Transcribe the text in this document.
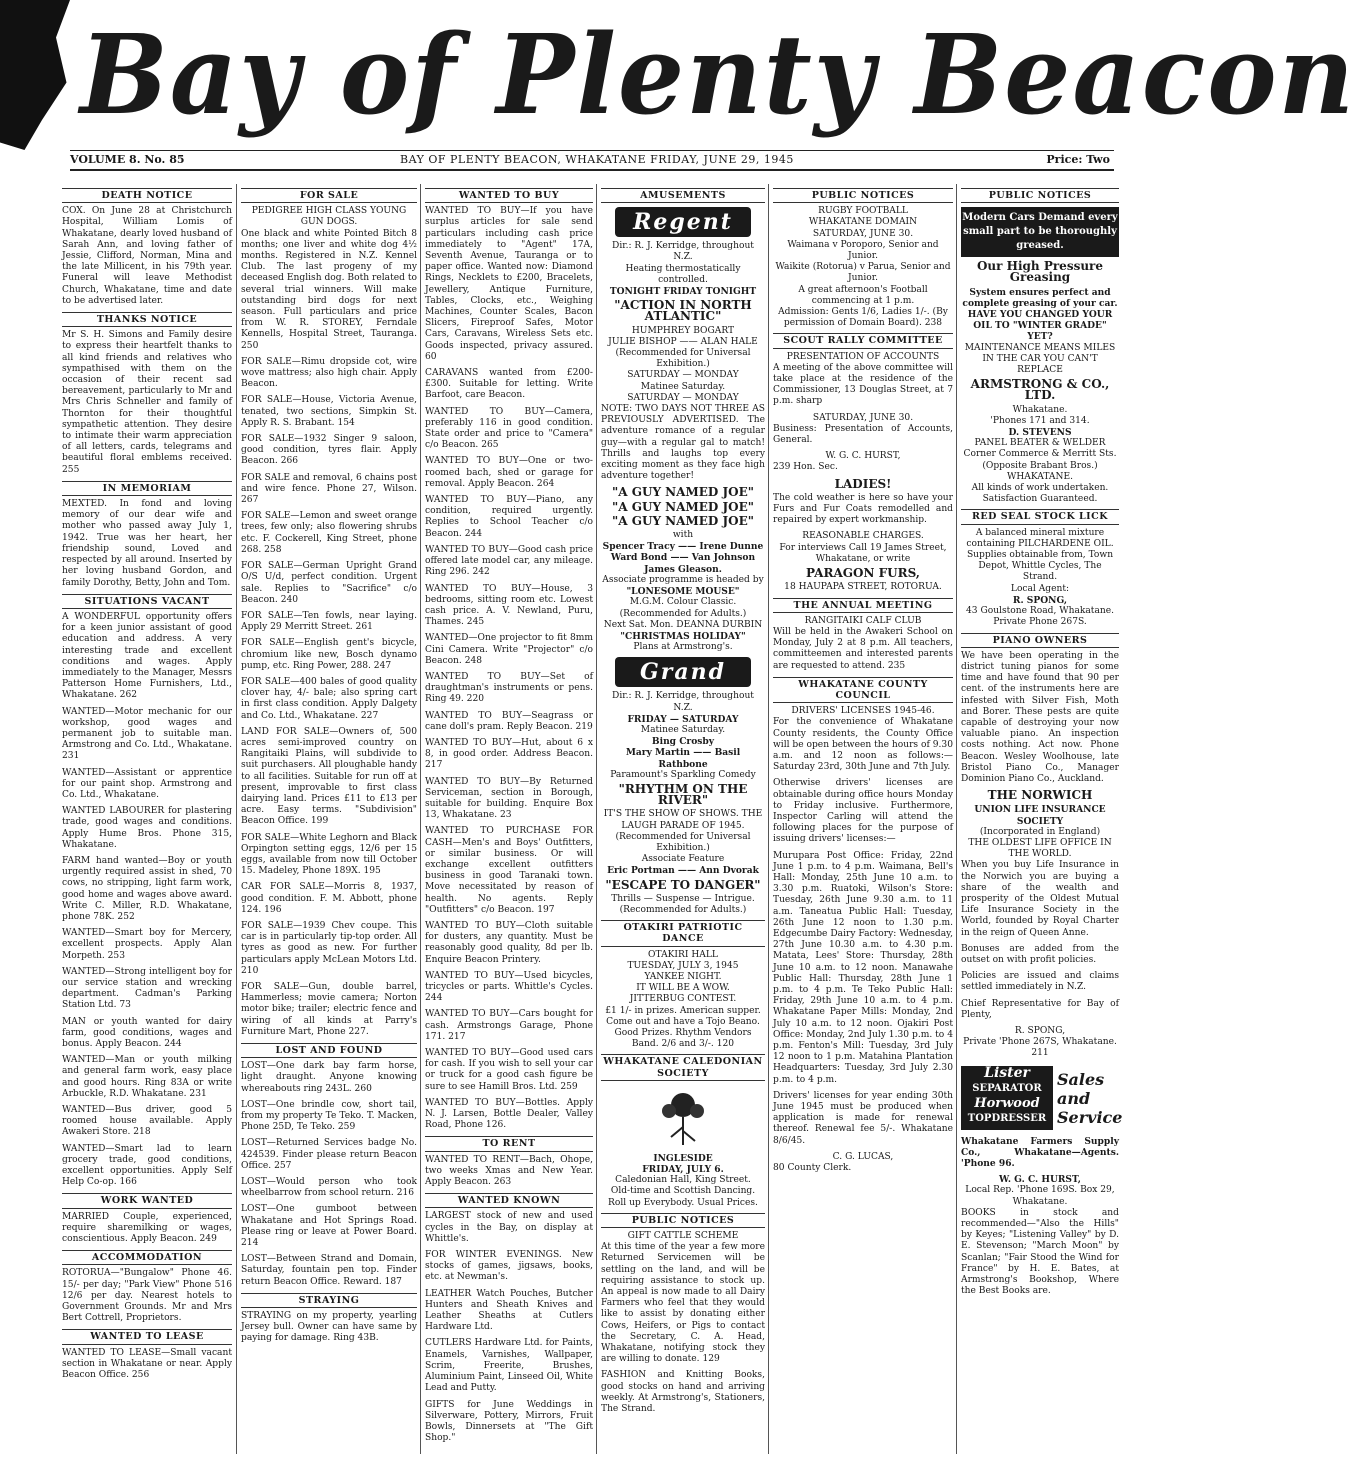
Bay of Plenty Beacon
VOLUME 8. No. 85	BAY OF PLENTY BEACON, WHAKATANE FRIDAY, JUNE 29, 1945	Price: Two
DEATH NOTICE

COX. On June 28 at Christchurch Hospital, William Lomis of Whakatane, dearly loved husband of Sarah Ann, and loving father of Jessie, Clifford, Norman, Mina and the late Millicent, in his 79th year. Funeral will leave Methodist Church, Whakatane, time and date to be advertised later.

THANKS NOTICE

Mr S. H. Simons and Family desire to express their heartfelt thanks to all kind friends and relatives who sympathised with them on the occasion of their recent sad bereavement, particularly to Mr and Mrs Chris Schneller and family of Thornton for their thoughtful sympathetic attention. They desire to intimate their warm appreciation of all letters, cards, telegrams and beautiful floral emblems received. 255

IN MEMORIAM

MEXTED. In fond and loving memory of our dear wife and mother who passed away July 1, 1942. True was her heart, her friendship sound, Loved and respected by all around. Inserted by her loving husband Gordon, and family Dorothy, Betty, John and Tom.

SITUATIONS VACANT

A WONDERFUL opportunity offers for a keen junior assistant of good education and address. A very interesting trade and excellent conditions and wages. Apply immediately to the Manager, Messrs Patterson Home Furnishers, Ltd., Whakatane. 262

WANTED—Motor mechanic for our workshop, good wages and permanent job to suitable man. Armstrong and Co. Ltd., Whakatane. 231

WANTED—Assistant or apprentice for our paint shop. Armstrong and Co. Ltd., Whakatane.

WANTED LABOURER for plastering trade, good wages and conditions. Apply Hume Bros. Phone 315, Whakatane.

FARM hand wanted—Boy or youth urgently required assist in shed, 70 cows, no stripping, light farm work, good home and wages above award. Write C. Miller, R.D. Whakatane, phone 78K. 252

WANTED—Smart boy for Mercery, excellent prospects. Apply Alan Morpeth. 253

WANTED—Strong intelligent boy for our service station and wrecking department. Cadman's Parking Station Ltd. 73

MAN or youth wanted for dairy farm, good conditions, wages and bonus. Apply Beacon. 244

WANTED—Man or youth milking and general farm work, easy place and good hours. Ring 83A or write Arbuckle, R.D. Whakatane. 231

WANTED—Bus driver, good 5 roomed house available. Apply Awakeri Store. 218

WANTED—Smart lad to learn grocery trade, good conditions, excellent opportunities. Apply Self Help Co-op. 166

WORK WANTED

MARRIED Couple, experienced, require sharemilking or wages, conscientious. Apply Beacon. 249

ACCOMMODATION

ROTORUA—"Bungalow" Phone 46. 15/- per day; "Park View" Phone 516 12/6 per day. Nearest hotels to Government Grounds. Mr and Mrs Bert Cottrell, Proprietors.

WANTED TO LEASE

WANTED TO LEASE—Small vacant section in Whakatane or near. Apply Beacon Office. 256

FOR SALE

PEDIGREE HIGH CLASS YOUNG GUN DOGS.

One black and white Pointed Bitch 8 months; one liver and white dog 4½ months. Registered in N.Z. Kennel Club. The last progeny of my deceased English dog. Both related to several trial winners. Will make outstanding bird dogs for next season. Full particulars and price from W. R. STOREY, Ferndale Kennells, Hospital Street, Tauranga. 250

FOR SALE—Rimu dropside cot, wire wove mattress; also high chair. Apply Beacon.

FOR SALE—House, Victoria Avenue, tenated, two sections, Simpkin St. Apply R. S. Brabant. 154

FOR SALE—1932 Singer 9 saloon, good condition, tyres flair. Apply Beacon. 266

FOR SALE and removal, 6 chains post and wire fence. Phone 27, Wilson. 267

FOR SALE—Lemon and sweet orange trees, few only; also flowering shrubs etc. F. Cockerell, King Street, phone 268. 258

FOR SALE—German Upright Grand O/S U/d, perfect condition. Urgent sale. Replies to "Sacrifice" c/o Beacon. 240

FOR SALE—Ten fowls, near laying. Apply 29 Merritt Street. 261

FOR SALE—English gent's bicycle, chromium like new, Bosch dynamo pump, etc. Ring Power, 288. 247

FOR SALE—400 bales of good quality clover hay, 4/- bale; also spring cart in first class condition. Apply Dalgety and Co. Ltd., Whakatane. 227

LAND FOR SALE—Owners of, 500 acres semi-improved country on Rangitaiki Plains, will subdivide to suit purchasers. All ploughable handy to all facilities. Suitable for run off at present, improvable to first class dairying land. Prices £11 to £13 per acre. Easy terms. "Subdivision" Beacon Office. 199

FOR SALE—White Leghorn and Black Orpington setting eggs, 12/6 per 15 eggs, available from now till October 15. Madeley, Phone 189X. 195

CAR FOR SALE—Morris 8, 1937, good condition. F. M. Abbott, phone 124. 196

FOR SALE—1939 Chev coupe. This car is in particularly tip-top order. All tyres as good as new. For further particulars apply McLean Motors Ltd. 210

FOR SALE—Gun, double barrel, Hammerless; movie camera; Norton motor bike; trailer; electric fence and wiring of all kinds at Parry's Furniture Mart, Phone 227.

LOST AND FOUND

LOST—One dark bay farm horse, light draught. Anyone knowing whereabouts ring 243L. 260

LOST—One brindle cow, short tail, from my property Te Teko. T. Macken, Phone 25D, Te Teko. 259

LOST—Returned Services badge No. 424539. Finder please return Beacon Office. 257

LOST—Would person who took wheelbarrow from school return. 216

LOST—One gumboot between Whakatane and Hot Springs Road. Please ring or leave at Power Board. 214

LOST—Between Strand and Domain, Saturday, fountain pen top. Finder return Beacon Office. Reward. 187

STRAYING

STRAYING on my property, yearling Jersey bull. Owner can have same by paying for damage. Ring 43B.

WANTED TO BUY

WANTED TO BUY—If you have surplus articles for sale send particulars including cash price immediately to "Agent" 17A, Seventh Avenue, Tauranga or to paper office. Wanted now: Diamond Rings, Necklets to £200, Bracelets, Jewellery, Antique Furniture, Tables, Clocks, etc., Weighing Machines, Counter Scales, Bacon Slicers, Fireproof Safes, Motor Cars, Caravans, Wireless Sets etc. Goods inspected, privacy assured. 60

CARAVANS wanted from £200-£300. Suitable for letting. Write Barfoot, care Beacon.

WANTED TO BUY—Camera, preferably 116 in good condition. State order and price to "Camera" c/o Beacon. 265

WANTED TO BUY—One or two-roomed bach, shed or garage for removal. Apply Beacon. 264

WANTED TO BUY—Piano, any condition, required urgently. Replies to School Teacher c/o Beacon. 244

WANTED TO BUY—Good cash price offered late model car, any mileage. Ring 296. 242

WANTED TO BUY—House, 3 bedrooms, sitting room etc. Lowest cash price. A. V. Newland, Puru, Thames. 245

WANTED—One projector to fit 8mm Cini Camera. Write "Projector" c/o Beacon. 248

WANTED TO BUY—Set of draughtman's instruments or pens. Ring 49. 220

WANTED TO BUY—Seagrass or cane doll's pram. Reply Beacon. 219

WANTED TO BUY—Hut, about 6 x 8, in good order. Address Beacon. 217

WANTED TO BUY—By Returned Serviceman, section in Borough, suitable for building. Enquire Box 13, Whakatane. 23

WANTED TO PURCHASE FOR CASH—Men's and Boys' Outfitters, or similar business. Or will exchange excellent outfitters business in good Taranaki town. Move necessitated by reason of health. No agents. Reply "Outfitters" c/o Beacon. 197

WANTED TO BUY—Cloth suitable for dusters, any quantity. Must be reasonably good quality, 8d per lb. Enquire Beacon Printery.

WANTED TO BUY—Used bicycles, tricycles or parts. Whittle's Cycles. 244

WANTED TO BUY—Cars bought for cash. Armstrongs Garage, Phone 171. 217

WANTED TO BUY—Good used cars for cash. If you wish to sell your car or truck for a good cash figure be sure to see Hamill Bros. Ltd. 259

WANTED TO BUY—Bottles. Apply N. J. Larsen, Bottle Dealer, Valley Road, Phone 126.

TO RENT

WANTED TO RENT—Bach, Ohope, two weeks Xmas and New Year. Apply Beacon. 263

WANTED KNOWN

LARGEST stock of new and used cycles in the Bay, on display at Whittle's.

FOR WINTER EVENINGS. New stocks of games, jigsaws, books, etc. at Newman's.

LEATHER Watch Pouches, Butcher Hunters and Sheath Knives and Leather Sheaths at Cutlers Hardware Ltd.

CUTLERS Hardware Ltd. for Paints, Enamels, Varnishes, Wallpaper, Scrim, Freerite, Brushes, Aluminium Paint, Linseed Oil, White Lead and Putty.

GIFTS for June Weddings in Silverware, Pottery, Mirrors, Fruit Bowls, Dinnersets at "The Gift Shop."

AMUSEMENTS
Regent

Dir.: R. J. Kerridge, throughout N.Z.

Heating thermostatically controlled.

TONIGHT FRIDAY TONIGHT

"ACTION IN NORTH ATLANTIC"

HUMPHREY BOGART

JULIE BISHOP —— ALAN HALE

(Recommended for Universal Exhibition.)

SATURDAY — MONDAY

Matinee Saturday.

SATURDAY — MONDAY

NOTE: TWO DAYS NOT THREE AS PREVIOUSLY ADVERTISED. The adventure romance of a regular guy—with a regular gal to match! Thrills and laughs top every exciting moment as they face high adventure together!

"A GUY NAMED JOE"

"A GUY NAMED JOE"

"A GUY NAMED JOE"

with

Spencer Tracy —— Irene Dunne

Ward Bond —— Van Johnson

James Gleason.

Associate programme is headed by

"LONESOME MOUSE"

M.G.M. Colour Classic.

(Recommended for Adults.)

Next Sat. Mon. DEANNA DURBIN

"CHRISTMAS HOLIDAY"

Plans at Armstrong's.

Grand

Dir.: R. J. Kerridge, throughout N.Z.

FRIDAY — SATURDAY

Matinee Saturday.

Bing Crosby

Mary Martin —— Basil Rathbone

Paramount's Sparkling Comedy

"RHYTHM ON THE RIVER"

IT'S THE SHOW OF SHOWS. THE LAUGH PARADE OF 1945.

(Recommended for Universal Exhibition.)

Associate Feature

Eric Portman —— Ann Dvorak

"ESCAPE TO DANGER"

Thrills — Suspense — Intrigue.

(Recommended for Adults.)

OTAKIRI PATRIOTIC DANCE

OTAKIRI HALL

TUESDAY, JULY 3, 1945

YANKEE NIGHT.

IT WILL BE A WOW.

JITTERBUG CONTEST.

£1 1/- in prizes. American supper. Come out and have a Tojo Beano. Good Prizes. Rhythm Vendors Band. 2/6 and 3/-. 120

WHAKATANE CALEDONIAN SOCIETY

INGLESIDE

FRIDAY, JULY 6.

Caledonian Hall, King Street.

Old-time and Scottish Dancing. Roll up Everybody. Usual Prices.

PUBLIC NOTICES

GIFT CATTLE SCHEME

At this time of the year a few more Returned Servicemen will be settling on the land, and will be requiring assistance to stock up. An appeal is now made to all Dairy Farmers who feel that they would like to assist by donating either Cows, Heifers, or Pigs to contact the Secretary, C. A. Head, Whakatane, notifying stock they are willing to donate. 129

FASHION and Knitting Books, good stocks on hand and arriving weekly. At Armstrong's, Stationers, The Strand.

PUBLIC NOTICES

RUGBY FOOTBALL

WHAKATANE DOMAIN

SATURDAY, JUNE 30.

Waimana v Poroporo, Senior and Junior.

Waikite (Rotorua) v Parua, Senior and Junior.

A great afternoon's Football commencing at 1 p.m.

Admission: Gents 1/6, Ladies 1/-. (By permission of Domain Board). 238

SCOUT RALLY COMMITTEE

PRESENTATION OF ACCOUNTS

A meeting of the above committee will take place at the residence of the Commissioner, 13 Douglas Street, at 7 p.m. sharp

SATURDAY, JUNE 30.

Business: Presentation of Accounts, General.

W. G. C. HURST,

239 Hon. Sec.

LADIES!

The cold weather is here so have your Furs and Fur Coats remodelled and repaired by expert workmanship.

REASONABLE CHARGES.

For interviews Call 19 James Street, Whakatane, or write

PARAGON FURS,

18 HAUPAPA STREET, ROTORUA.

THE ANNUAL MEETING

RANGITAIKI CALF CLUB

Will be held in the Awakeri School on Monday, July 2 at 8 p.m. All teachers, committeemen and interested parents are requested to attend. 235

WHAKATANE COUNTY COUNCIL

DRIVERS' LICENSES 1945-46.

For the convenience of Whakatane County residents, the County Office will be open between the hours of 9.30 a.m. and 12 noon as follows:—Saturday 23rd, 30th June and 7th July.

Otherwise drivers' licenses are obtainable during office hours Monday to Friday inclusive. Furthermore, Inspector Carling will attend the following places for the purpose of issuing drivers' licenses:—

Murupara Post Office: Friday, 22nd June 1 p.m. to 4 p.m. Waimana, Bell's Hall: Monday, 25th June 10 a.m. to 3.30 p.m. Ruatoki, Wilson's Store: Tuesday, 26th June 9.30 a.m. to 11 a.m. Taneatua Public Hall: Tuesday, 26th June 12 noon to 1.30 p.m. Edgecumbe Dairy Factory: Wednesday, 27th June 10.30 a.m. to 4.30 p.m. Matata, Lees' Store: Thursday, 28th June 10 a.m. to 12 noon. Manawahe Public Hall: Thursday, 28th June 1 p.m. to 4 p.m. Te Teko Public Hall: Friday, 29th June 10 a.m. to 4 p.m. Whakatane Paper Mills: Monday, 2nd July 10 a.m. to 12 noon. Ojakiri Post Office: Monday, 2nd July 1.30 p.m. to 4 p.m. Fenton's Mill: Tuesday, 3rd July 12 noon to 1 p.m. Matahina Plantation Headquarters: Tuesday, 3rd July 2.30 p.m. to 4 p.m.

Drivers' licenses for year ending 30th June 1945 must be produced when application is made for renewal thereof. Renewal fee 5/-. Whakatane 8/6/45.

C. G. LUCAS,

80 County Clerk.

PUBLIC NOTICES
Modern Cars Demand every small part to be thoroughly greased.

Our High Pressure Greasing

System ensures perfect and complete greasing of your car.

HAVE YOU CHANGED YOUR OIL TO "WINTER GRADE" YET?

MAINTENANCE MEANS MILES IN THE CAR YOU CAN'T REPLACE

ARMSTRONG & CO., LTD.

Whakatane.

'Phones 171 and 314.

D. STEVENS

PANEL BEATER & WELDER

Corner Commerce & Merritt Sts. (Opposite Brabant Bros.) WHAKATANE.

All kinds of work undertaken. Satisfaction Guaranteed.

RED SEAL STOCK LICK

A balanced mineral mixture containing PILCHARDENE OIL.

Supplies obtainable from, Town Depot, Whittle Cycles, The Strand.

Local Agent:

R. SPONG,

43 Goulstone Road, Whakatane. Private Phone 267S.

PIANO OWNERS

We have been operating in the district tuning pianos for some time and have found that 90 per cent. of the instruments here are infested with Silver Fish, Moth and Borer. These pests are quite capable of destroying your now valuable piano. An inspection costs nothing. Act now. Phone Beacon. Wesley Woolhouse, late Bristol Piano Co., Manager Dominion Piano Co., Auckland.

THE NORWICH

UNION LIFE INSURANCE SOCIETY

(Incorporated in England)

THE OLDEST LIFE OFFICE IN THE WORLD.

When you buy Life Insurance in the Norwich you are buying a share of the wealth and prosperity of the Oldest Mutual Life Insurance Society in the World, founded by Royal Charter in the reign of Queen Anne.

Bonuses are added from the outset on with profit policies.

Policies are issued and claims settled immediately in N.Z.

Chief Representative for Bay of Plenty,

R. SPONG,

Private 'Phone 267S, Whakatane. 211

Lister
SEPARATOR
Horwood
TOPDRESSER
Sales and Service

Whakatane Farmers Supply Co., Whakatane—Agents. 'Phone 96.

W. G. C. HURST,

Local Rep. 'Phone 169S. Box 29, Whakatane.

BOOKS in stock and recommended—"Also the Hills" by Keyes; "Listening Valley" by D. E. Stevenson; "March Moon" by Scanlan; "Fair Stood the Wind for France" by H. E. Bates, at Armstrong's Bookshop, Where the Best Books are.
